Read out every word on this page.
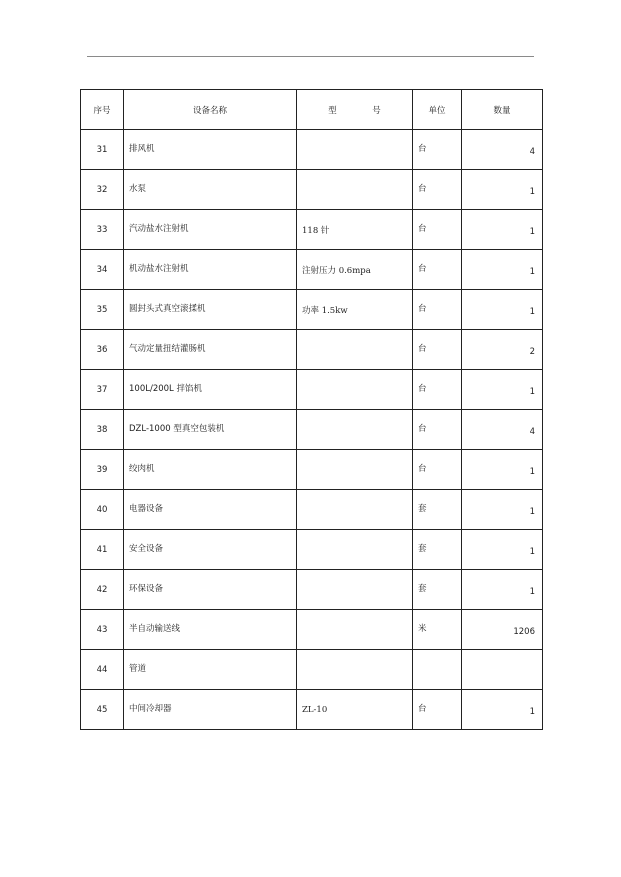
序号	设备名称	型 号	单位	数量
31	排风机		台	4
32	水泵		台	1
33	汽动盐水注射机	118 针	台	1
34	机动盐水注射机	注射压力 0.6mpa	台	1
35	圆封头式真空滚揉机	功率 1.5kw	台	1
36	气动定量扭结灌肠机		台	2
37	100L/200L 拌馅机		台	1
38	DZL-1000 型真空包装机		台	4
39	绞肉机		台	1
40	电器设备		套	1
41	安全设备		套	1
42	环保设备		套	1
43	半自动输送线		米	1206
44	管道			
45	中间冷却器	ZL-10	台	1
